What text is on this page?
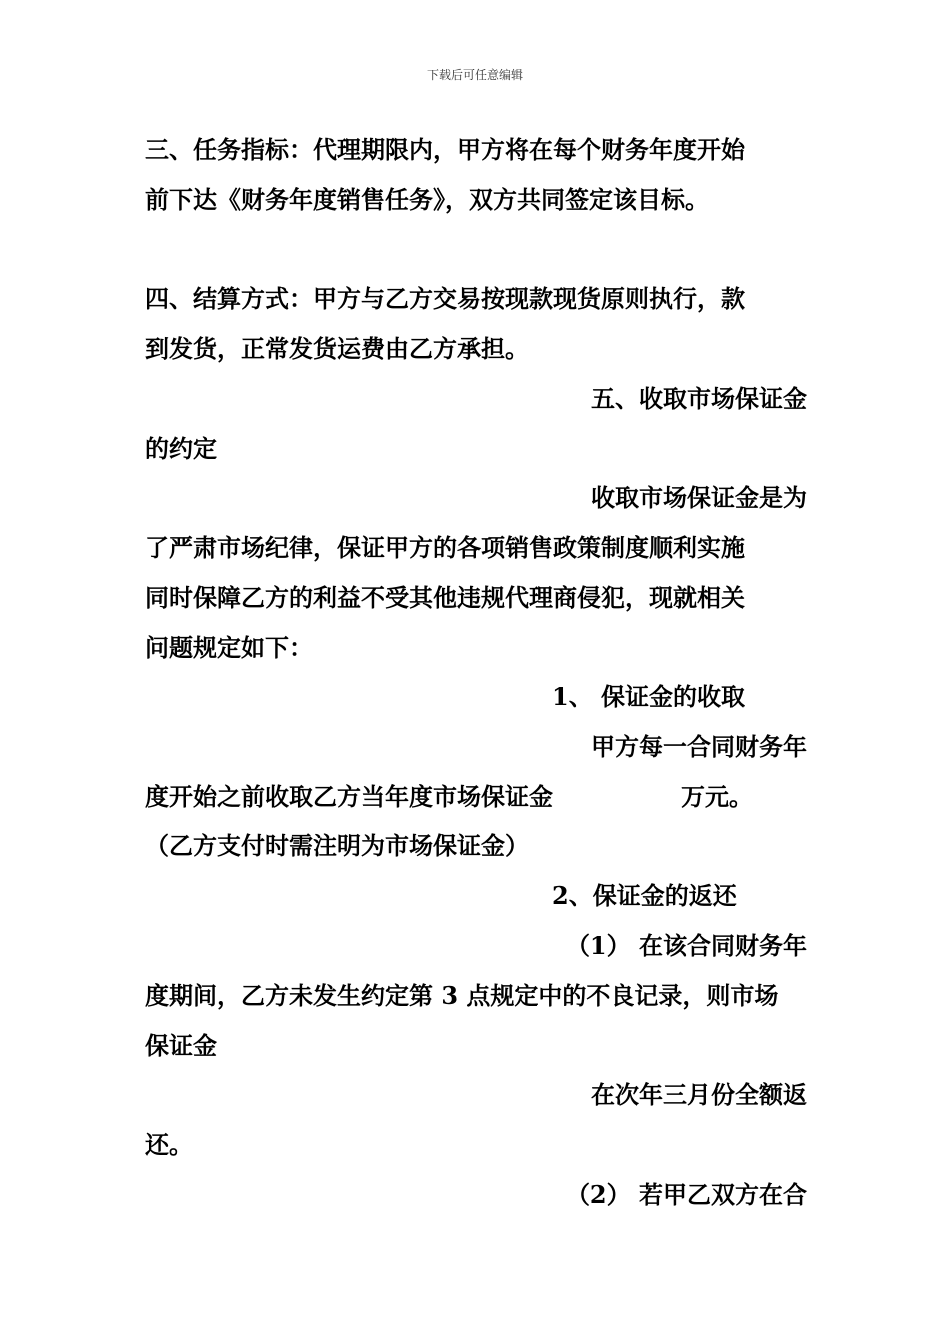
下载后可任意编辑
三、任务指标：代理期限内，甲方将在每个财务年度开始
前下达《财务年度销售任务》，双方共同签定该目标。
四、结算方式：甲方与乙方交易按现款现货原则执行，款
到发货，正常发货运费由乙方承担。
五、收取市场保证金
的约定
收取市场保证金是为
了严肃市场纪律，保证甲方的各项销售政策制度顺利实施
同时保障乙方的利益不受其他违规代理商侵犯，现就相关
问题规定如下：
1、 保证金的收取
甲方每一合同财务年
度开始之前收取乙方当年度市场保证金	万元。
（乙方支付时需注明为市场保证金）
2、保证金的返还
（1） 在该合同财务年
度期间，乙方未发生约定第 3 点规定中的不良记录，则市场
保证金
在次年三月份全额返
还。
（2） 若甲乙双方在合
